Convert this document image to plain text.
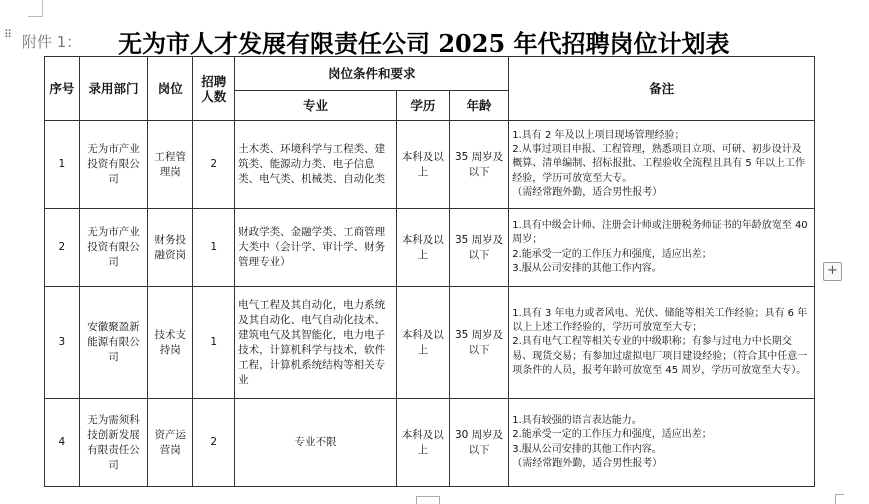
⠿ 附件 1： 无为市人才发展有限责任公司 2025 年代招聘岗位计划表
序号	录用部门	岗位	招聘人数	岗位条件和要求			备注
				专业	学历	年龄	
1	无为市产业投资有限公司	工程管理岗	2	土木类、环境科学与工程类、建筑类、能源动力类、电子信息类、电气类、机械类、自动化类	本科及以上	35 周岁及以下	1.具有 2 年及以上项目现场管理经验；
2.从事过项目申报、工程管理，熟悉项目立项、可研、初步设计及概算、清单编制、招标报批、工程验收全流程且具有 5 年以上工作经验，学历可放宽至大专。
（需经常跑外勤，适合男性报考）

2	无为市产业投资有限公司	财务投融资岗	1	财政学类、金融学类、工商管理大类中（会计学、审计学、财务管理专业）	本科及以上	35 周岁及以下	1.具有中级会计师、注册会计师或注册税务师证书的年龄放宽至 40 周岁；
2.能承受一定的工作压力和强度，适应出差；
3.服从公司安排的其他工作内容。

3	安徽聚盈新能源有限公司	技术支持岗	1	电气工程及其自动化，电力系统及其自动化、电气自动化技术、建筑电气及其智能化，电力电子技术，计算机科学与技术，软件工程，计算机系统结构等相关专业	本科及以上	35 周岁及以下	1.具有 3 年电力或者风电、光伏、储能等相关工作经验；具有 6 年以上上述工作经验的，学历可放宽至大专；
2.具有电气工程等相关专业的中级职称；有参与过电力中长期交易、现货交易；有参加过虚拟电厂项目建设经验；（符合其中任意一项条件的人员，报考年龄可放宽至 45 周岁，学历可放宽至大专）。

4	无为需须科技创新发展有限责任公司	资产运营岗	2	专业不限	本科及以上	30 周岁及以下	1.具有较强的语言表达能力。
2.能承受一定的工作压力和强度，适应出差；
3.服从公司安排的其他工作内容。
（需经常跑外勤，适合男性报考）
+
